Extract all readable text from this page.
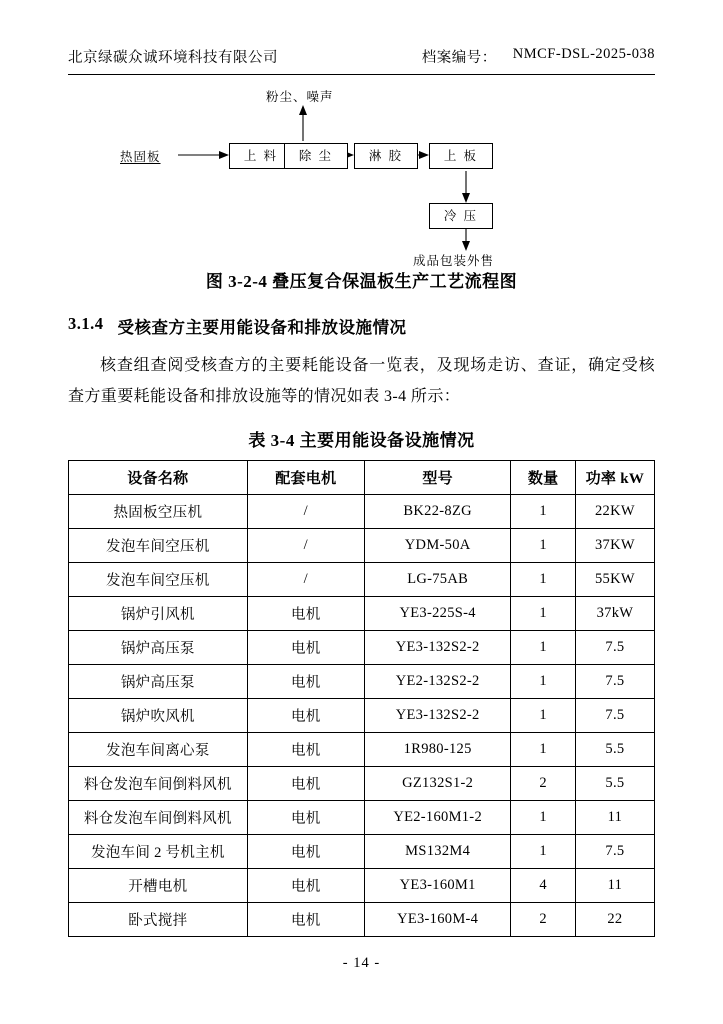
北京绿碳众诚环境科技有限公司	档案编号： NMCF-DSL-2025-038
粉尘、噪声
热固板	上 料	除 尘	淋 胶	上 板
冷 压
成品包装外售
图 3-2-4 叠压复合保温板生产工艺流程图
3.1.4 受核查方主要用能设备和排放设施情况
核查组查阅受核查方的主要耗能设备一览表，及现场走访、查证，确定受核查方重要耗能设备和排放设施等的情况如表 3-4 所示：
表 3-4 主要用能设备设施情况
设备名称	配套电机	型号	数量	功率 kW
热固板空压机	/	BK22-8ZG	1	22KW
发泡车间空压机	/	YDM-50A	1	37KW
发泡车间空压机	/	LG-75AB	1	55KW
锅炉引风机	电机	YE3-225S-4	1	37kW
锅炉高压泵	电机	YE3-132S2-2	1	7.5
锅炉高压泵	电机	YE2-132S2-2	1	7.5
锅炉吹风机	电机	YE3-132S2-2	1	7.5
发泡车间离心泵	电机	1R980-125	1	5.5
料仓发泡车间倒料风机	电机	GZ132S1-2	2	5.5
料仓发泡车间倒料风机	电机	YE2-160M1-2	1	11
发泡车间 2 号机主机	电机	MS132M4	1	7.5
开槽电机	电机	YE3-160M1	4	11
卧式搅拌	电机	YE3-160M-4	2	22
- 14 -
